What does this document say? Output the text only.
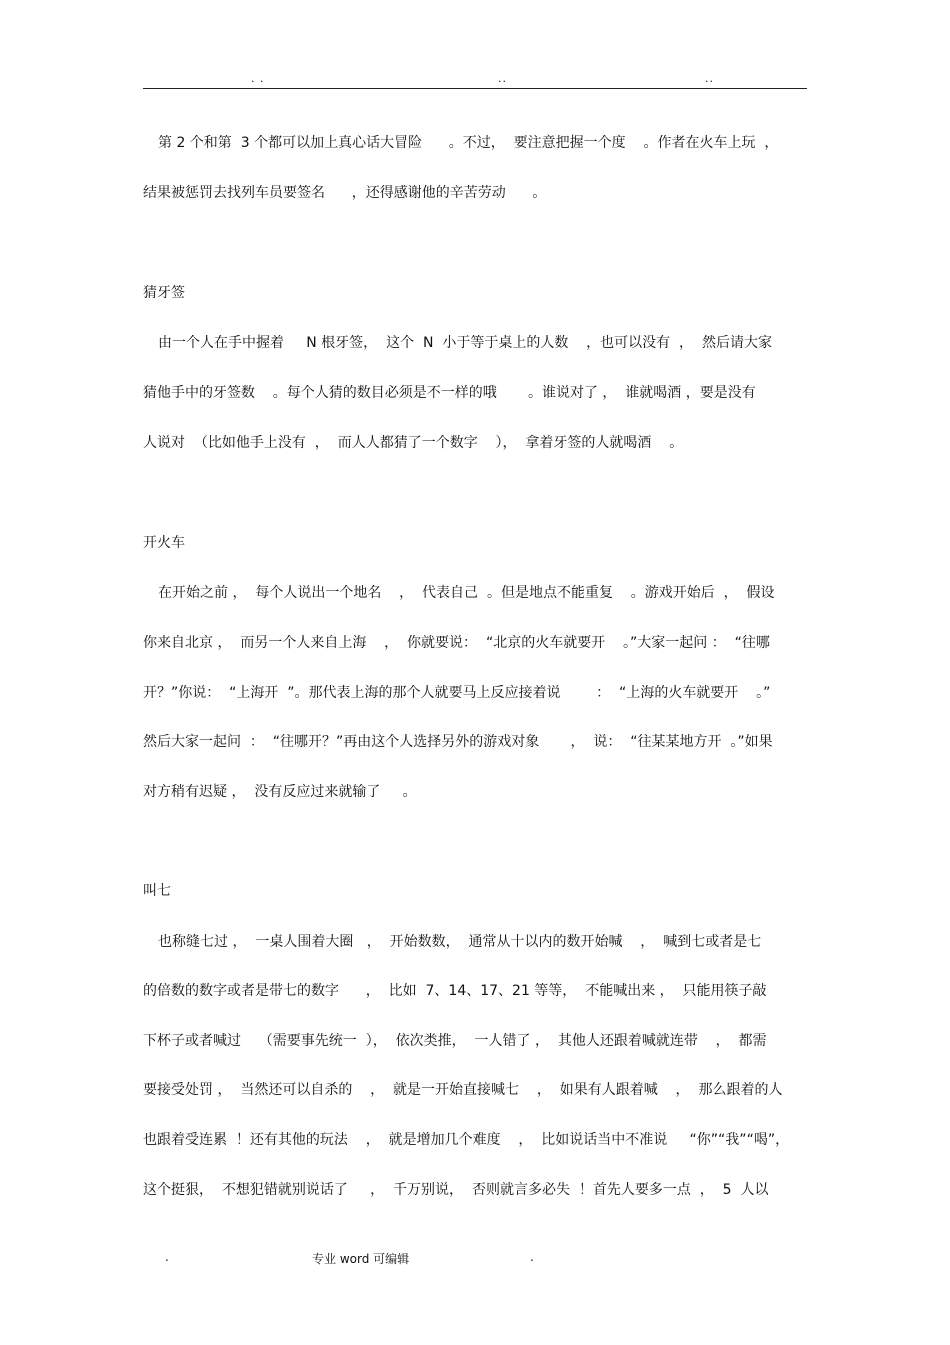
. .	..	..
第 2 个和第  3 个都可以加上真心话大冒险      。不过，  要注意把握一个度    。作者在火车上玩  ，
结果被惩罚去找列车员要签名      ，还得感谢他的辛苦劳动      。
猜牙签
由一个人在手中握着     N 根牙签，  这个  N  小于等于桌上的人数    ，也可以没有  ，  然后请大家
猜他手中的牙签数    。每个人猜的数目必须是不一样的哦       。谁说对了 ，  谁就喝酒 ，要是没有
人说对  （比如他手上没有  ，  而人人都猜了一个数字    ），  拿着牙签的人就喝酒    。
开火车
在开始之前 ，  每个人说出一个地名    ，  代表自己  。但是地点不能重复    。游戏开始后  ，  假设
你来自北京 ，  而另一个人来自上海    ，  你就要说：  “北京的火车就要开    。”大家一起问 ：  “往哪
开？”你说：  “上海开  ”。那代表上海的那个人就要马上反应接着说        ：  “上海的火车就要开    。”
然后大家一起问  ：  “往哪开？”再由这个人选择另外的游戏对象       ，  说：  “往某某地方开  。”如果
对方稍有迟疑 ，  没有反应过来就输了     。
叫七
也称缝七过 ，  一桌人围着大圈   ，  开始数数，  通常从十以内的数开始喊    ，  喊到七或者是七
的倍数的数字或者是带七的数字      ，  比如  7、14、17、21 等等，  不能喊出来 ，  只能用筷子敲
下杯子或者喊过    （需要事先统一  ），  依次类推，  一人错了 ，  其他人还跟着喊就连带    ，  都需
要接受处罚 ，  当然还可以自杀的    ，  就是一开始直接喊七    ，  如果有人跟着喊    ，  那么跟着的人
也跟着受连累  ！还有其他的玩法    ，  就是增加几个难度    ，  比如说话当中不准说     “你”“我”“喝”，
这个挺狠，  不想犯错就别说话了     ，  千万别说，  否则就言多必失  ！首先人要多一点  ，  5  人以
.	专业 word 可编辑	.
